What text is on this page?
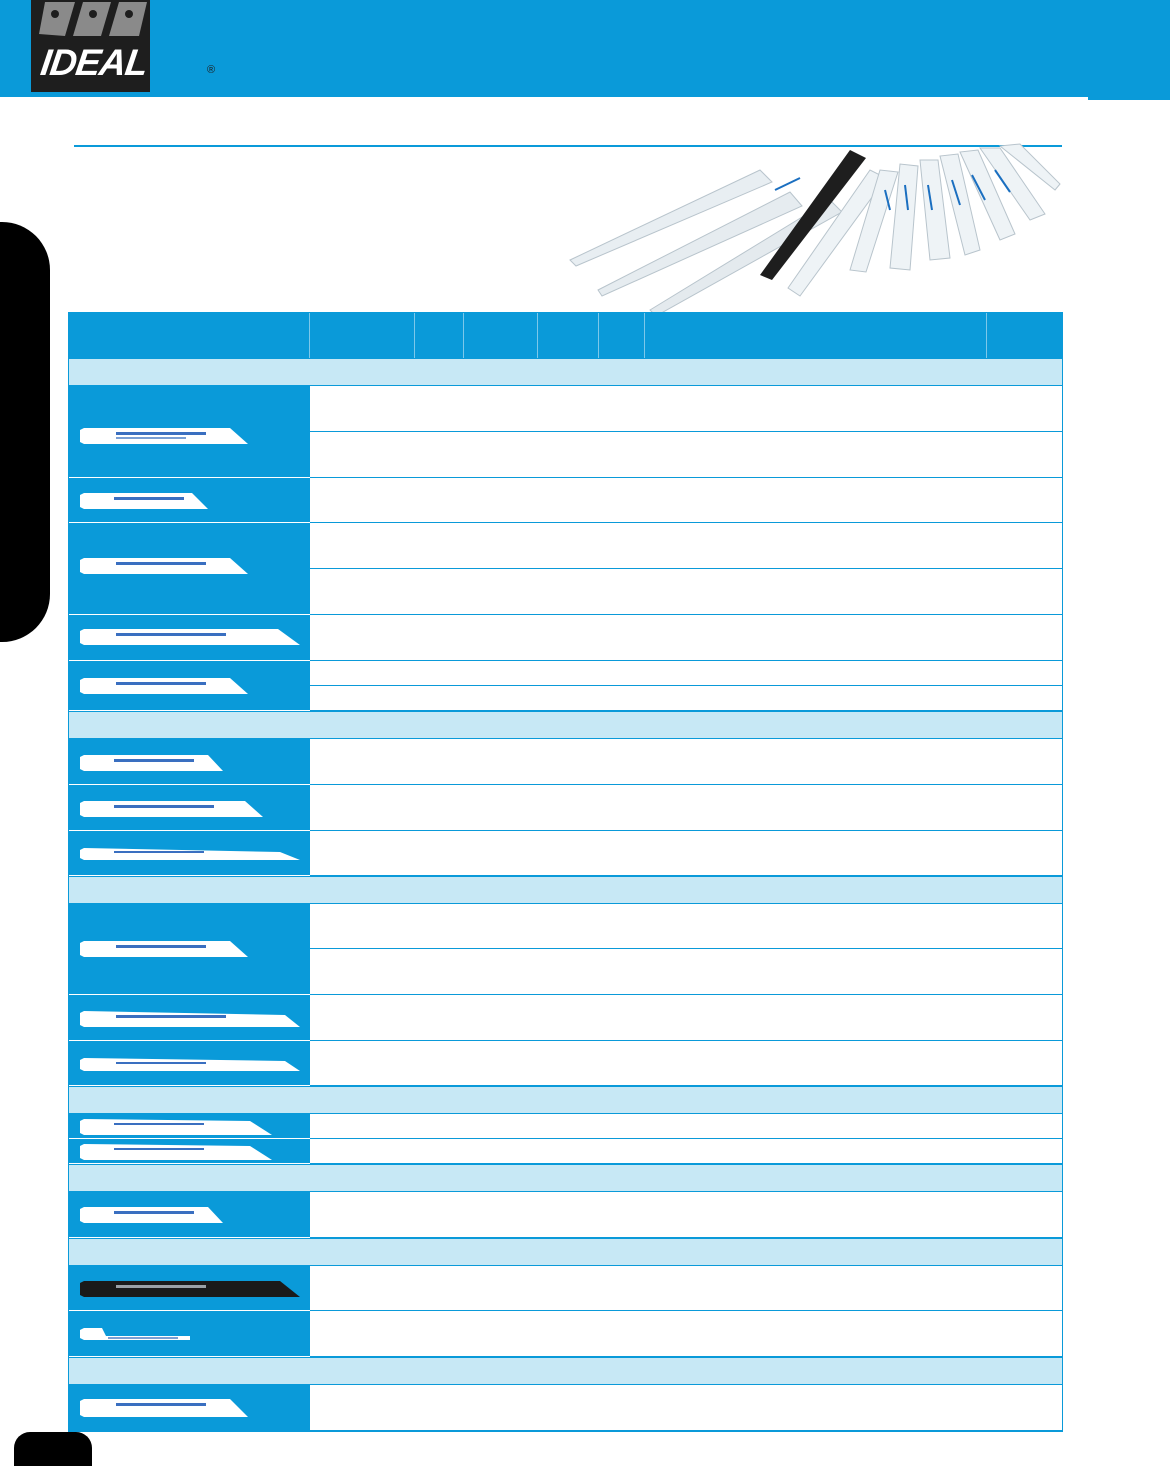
IDEAL	®
